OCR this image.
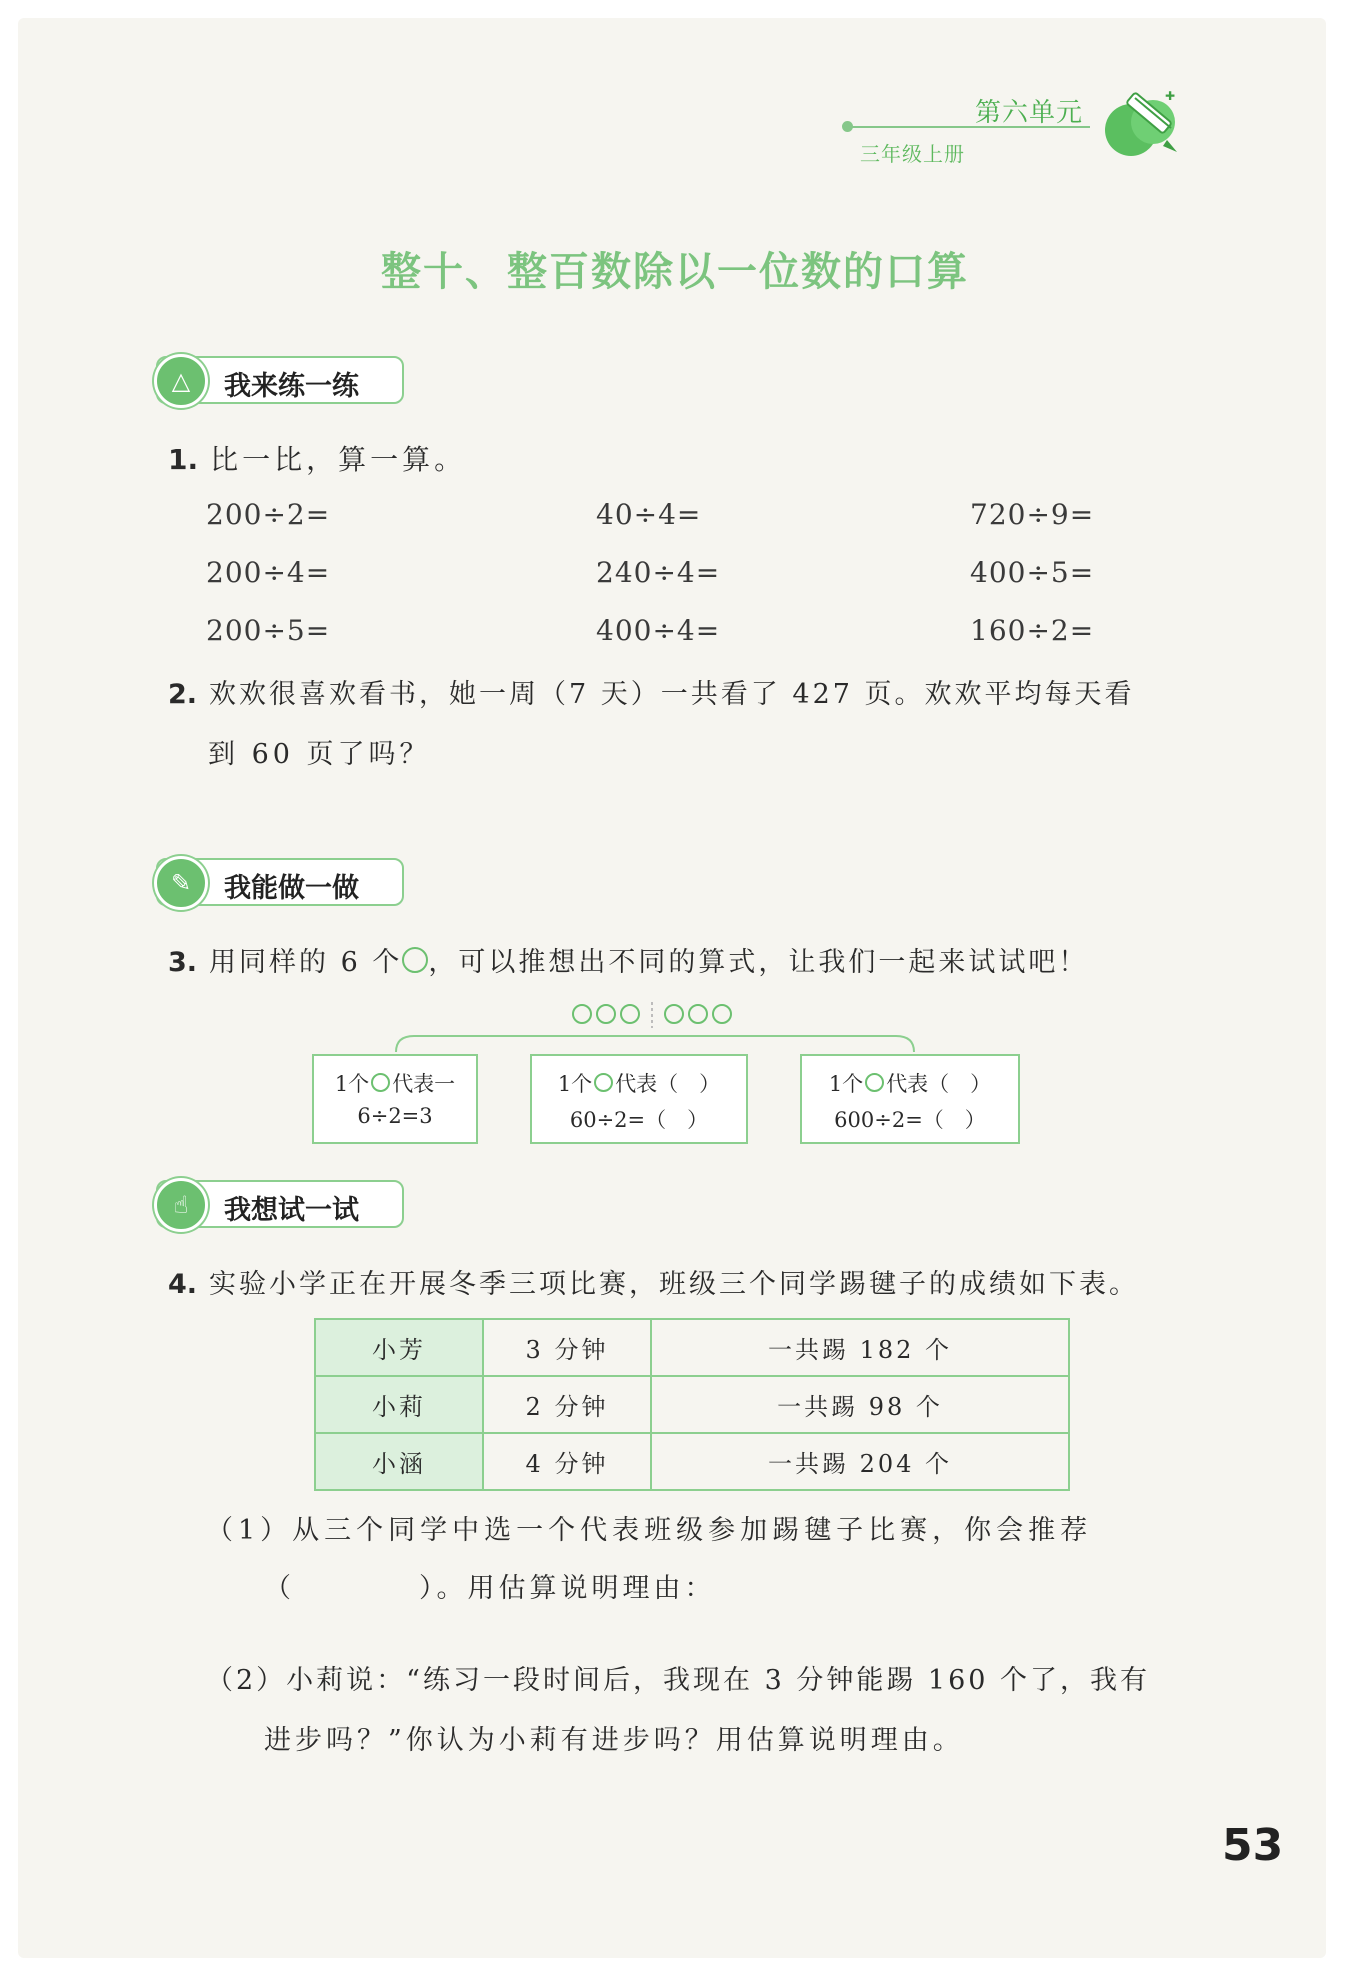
第六单元
三年级上册
✚
整十、整百数除以一位数的口算
△	我来练一练
1. 比一比，算一算。
200÷2=	40÷4=	720÷9=
200÷4=	240÷4=	400÷5=
200÷5=	400÷4=	160÷2=
2. 欢欢很喜欢看书，她一周（7 天）一共看了 427 页。欢欢平均每天看
到 60 页了吗？
✎	我能做一做
3. 用同样的 6 个 ，可以推想出不同的算式，让我们一起来试试吧！
1个 代表一
6÷2=3
1个 代表（　）
60÷2=（　）
1个 代表（　）
600÷2=（　）
☝	我想试一试
4. 实验小学正在开展冬季三项比赛，班级三个同学踢毽子的成绩如下表。
小芳	3 分钟	一共踢 182 个
小莉	2 分钟	一共踢 98 个
小涵	4 分钟	一共踢 204 个
（1）从三个同学中选一个代表班级参加踢毽子比赛，你会推荐
（　　　　）。用估算说明理由：
（2）小莉说：“练习一段时间后，我现在 3 分钟能踢 160 个了，我有
进步吗？”你认为小莉有进步吗？用估算说明理由。
53
